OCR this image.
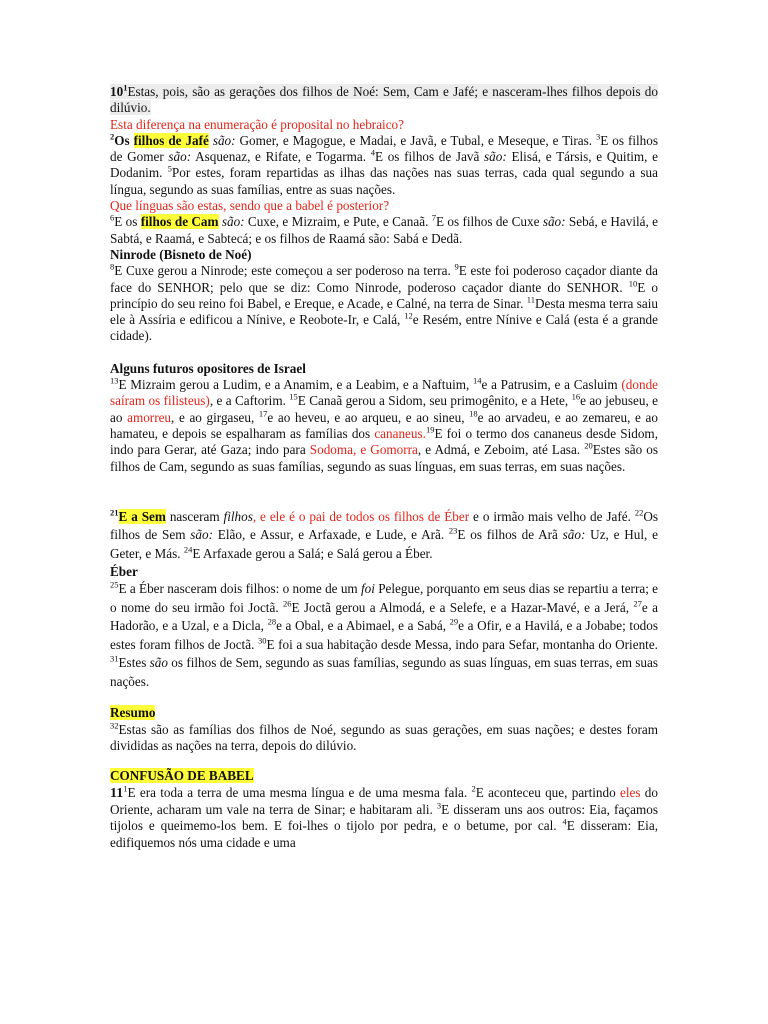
$10^1Estas$, pois, são as gerações dos filhos de Noé: Sem, Cam e Jafé; e nasceram-lhes filhos depois do dilúvio.

Esta diferença na enumeração é proposital no hebraico?

$^2$Os filhos de Jafé são: Gomer, e Magogue, e Madai, e Javã, e Tubal, e Meseque, e Tiras. $^3$E os filhos de Gomer são: Asquenaz, e Rifate, e Togarma. $^4$E os filhos de Javã são: Elisá, e Társis, e Quitim, e Dodanim. $^5$Por estes, foram repartidas as ilhas das nações nas suas terras, cada qual segundo a sua língua, segundo as suas famílias, entre as suas nações.

Que línguas são estas, sendo que a babel é posterior?

$^6$E os filhos de Cam são: Cuxe, e Mizraim, e Pute, e Canaã. $^7$E os filhos de Cuxe são: Sebá, e Havilá, e Sabtá, e Raamá, e Sabtecá; e os filhos de Raamá são: Sabá e Dedã.

Ninrode (Bisneto de Noé)

$^8$E Cuxe gerou a Ninrode; este começou a ser poderoso na terra. $^9$E este foi poderoso caçador diante da face do SENHOR; pelo que se diz: Como Ninrode, poderoso caçador diante do SENHOR. $^{10}$E o princípio do seu reino foi Babel, e Ereque, e Acade, e Calné, na terra de Sinar. $^{11}$Desta mesma terra saiu ele à Assíria e edificou a Nínive, e Reobote-Ir, e Calá, $^{12}$e Resém, entre Nínive e Calá (esta é a grande cidade).

Alguns futuros opositores de Israel

$^{13}$E Mizraim gerou a Ludim, e a Anamim, e a Leabim, e a Naftuim, $^{14}$e a Patrusim, e a Casluim (donde saíram os filisteus), e a Caftorim. $^{15}$E Canaã gerou a Sidom, seu primogênito, e a Hete, $^{16}$e ao jebuseu, e ao amorreu, e ao girgaseu, $^{17}$e ao heveu, e ao arqueu, e ao sineu, $^{18}$e ao arvadeu, e ao zemareu, e ao hamateu, e depois se espalharam as famílias dos cananeus.$^{19}$E foi o termo dos cananeus desde Sidom, indo para Gerar, até Gaza; indo para Sodoma, e Gomorra, e Admá, e Zeboim, até Lasa. $^{20}$Estes são os filhos de Cam, segundo as suas famílias, segundo as suas línguas, em suas terras, em suas nações.

$^{21}$E a Sem nasceram filhos, e ele é o pai de todos os filhos de Éber e o irmão mais velho de Jafé. $^{22}$Os filhos de Sem são: Elão, e Assur, e Arfaxade, e Lude, e Arã. $^{23}$E os filhos de Arã são: Uz, e Hul, e Geter, e Más. $^{24}$E Arfaxade gerou a Salá; e Salá gerou a Éber.

Éber

$^{25}$E a Éber nasceram dois filhos: o nome de um foi Pelegue, porquanto em seus dias se repartiu a terra; e o nome do seu irmão foi Joctã. $^{26}$E Joctã gerou a Almodá, e a Selefe, e a Hazar-Mavé, e a Jerá, $^{27}$e a Hadorão, e a Uzal, e a Dicla, $^{28}$e a Obal, e a Abimael, e a Sabá, $^{29}$e a Ofir, e a Havilá, e a Jobabe; todos estes foram filhos de Joctã. $^{30}$E foi a sua habitação desde Messa, indo para Sefar, montanha do Oriente. $^{31}$Estes são os filhos de Sem, segundo as suas famílias, segundo as suas línguas, em suas terras, em suas nações.

Resumo

$^{32}$Estas são as famílias dos filhos de Noé, segundo as suas gerações, em suas nações; e destes foram divididas as nações na terra, depois do dilúvio.

CONFUSÃO DE BABEL

$11^1E$ era toda a terra de uma mesma língua e de uma mesma fala. $^2$E aconteceu que, partindo eles do Oriente, acharam um vale na terra de Sinar; e habitaram ali. $^3$E disseram uns aos outros: Eia, façamos tijolos e queimemo-los bem. E foi-lhes o tijolo por pedra, e o betume, por cal. $^4$E disseram: Eia, edifiquemos nós uma cidade e uma
